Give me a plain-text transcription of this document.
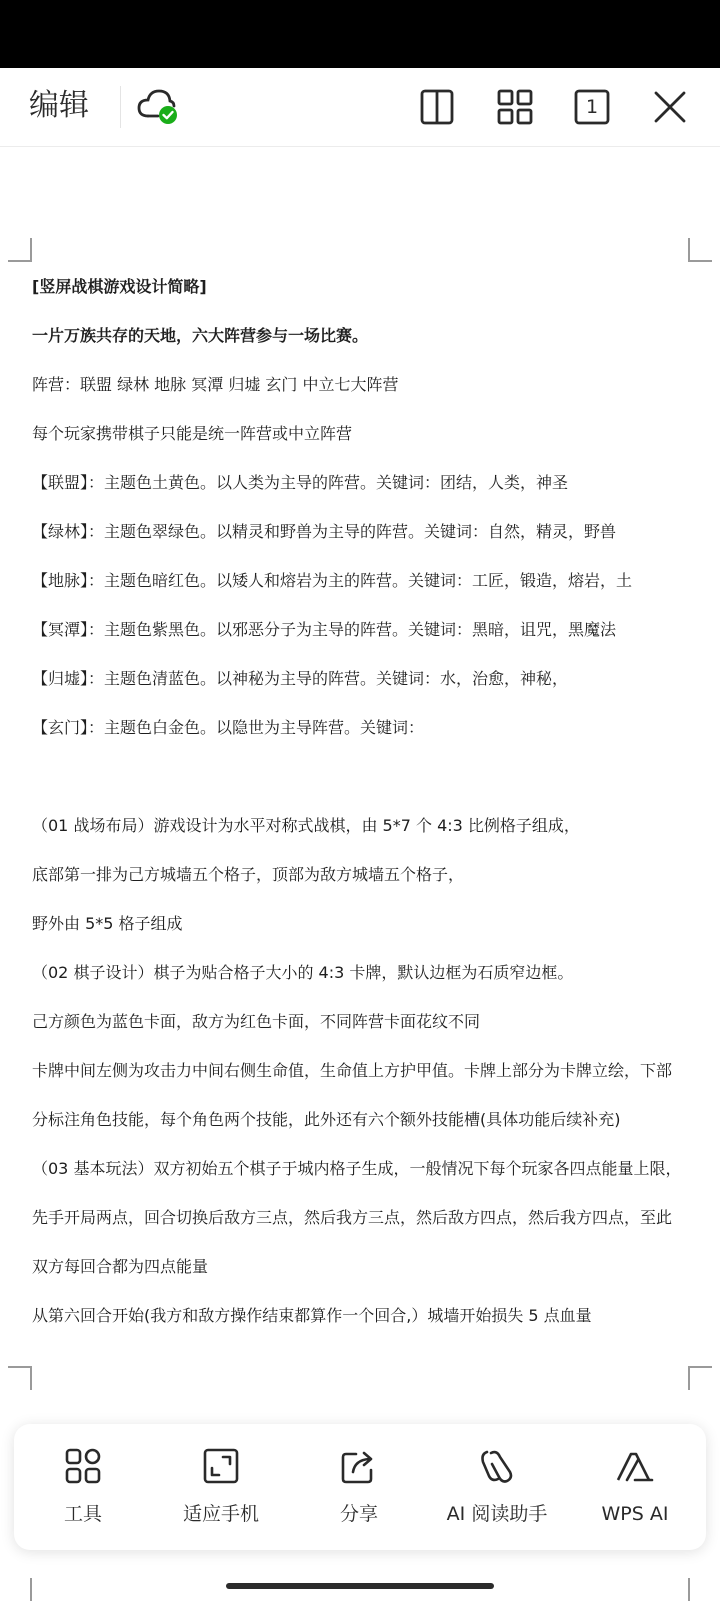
编辑	1
[竖屏战棋游戏设计简略]
一片万族共存的天地，六大阵营参与一场比赛。
阵营：联盟 绿林 地脉 冥潭 归墟 玄门 中立七大阵营
每个玩家携带棋子只能是统一阵营或中立阵营
【联盟】：主题色土黄色。以人类为主导的阵营。关键词：团结，人类，神圣
【绿林】：主题色翠绿色。以精灵和野兽为主导的阵营。关键词：自然，精灵，野兽
【地脉】：主题色暗红色。以矮人和熔岩为主的阵营。关键词：工匠，锻造，熔岩，土
【冥潭】：主题色紫黑色。以邪恶分子为主导的阵营。关键词：黑暗，诅咒，黑魔法
【归墟】：主题色清蓝色。以神秘为主导的阵营。关键词：水，治愈，神秘，
【玄门】：主题色白金色。以隐世为主导阵营。关键词：
（01 战场布局）游戏设计为水平对称式战棋，由 5*7 个 4:3 比例格子组成，
底部第一排为己方城墙五个格子，顶部为敌方城墙五个格子，
野外由 5*5 格子组成
（02 棋子设计）棋子为贴合格子大小的 4:3 卡牌，默认边框为石质窄边框。
己方颜色为蓝色卡面，敌方为红色卡面，不同阵营卡面花纹不同
卡牌中间左侧为攻击力中间右侧生命值，生命值上方护甲值。卡牌上部分为卡牌立绘，下部
分标注角色技能，每个角色两个技能，此外还有六个额外技能槽(具体功能后续补充)
（03 基本玩法）双方初始五个棋子于城内格子生成，一般情况下每个玩家各四点能量上限，
先手开局两点，回合切换后敌方三点，然后我方三点，然后敌方四点，然后我方四点，至此
双方每回合都为四点能量
从第六回合开始(我方和敌方操作结束都算作一个回合,）城墙开始损失 5 点血量
工具	适应手机	分享	AI 阅读助手	WPS AI
